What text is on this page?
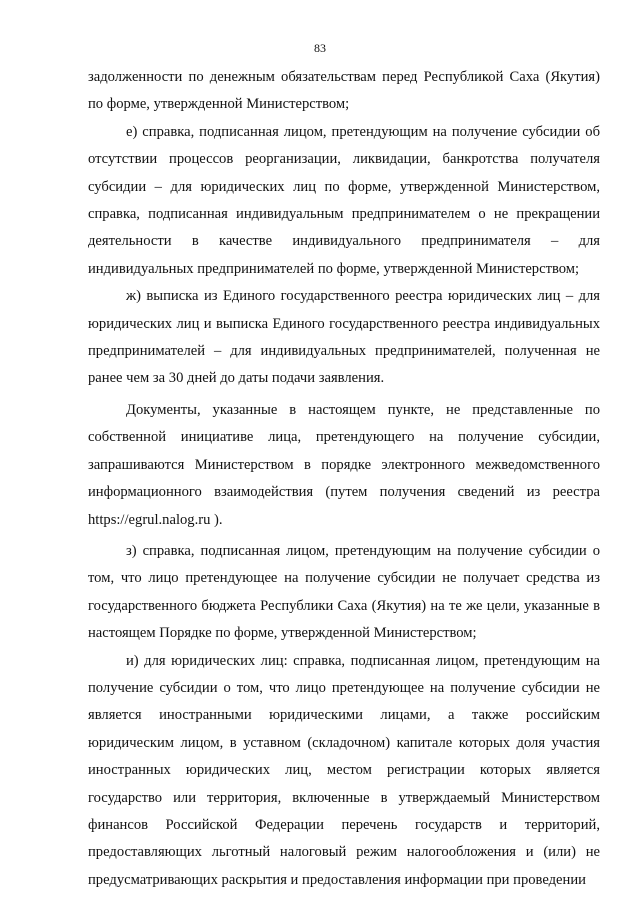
83

задолженности по денежным обязательствам перед Республикой Саха (Якутия) по форме, утвержденной Министерством;

е) справка, подписанная лицом, претендующим на получение субсидии об отсутствии процессов реорганизации, ликвидации, банкротства получателя субсидии – для юридических лиц по форме, утвержденной Министерством, справка, подписанная индивидуальным предпринимателем о не прекращении деятельности в качестве индивидуального предпринимателя – для индивидуальных предпринимателей по форме, утвержденной Министерством;

ж) выписка из Единого государственного реестра юридических лиц – для юридических лиц и выписка Единого государственного реестра индивидуальных предпринимателей – для индивидуальных предпринимателей, полученная не ранее чем за 30 дней до даты подачи заявления.

Документы, указанные в настоящем пункте, не представленные по собственной инициативе лица, претендующего на получение субсидии, запрашиваются Министерством в порядке электронного межведомственного информационного взаимодействия (путем получения сведений из реестра https://egrul.nalog.ru ).

з) справка, подписанная лицом, претендующим на получение субсидии о том, что лицо претендующее на получение субсидии не получает средства из государственного бюджета Республики Саха (Якутия) на те же цели, указанные в настоящем Порядке по форме, утвержденной Министерством;

и) для юридических лиц: справка, подписанная лицом, претендующим на получение субсидии о том, что лицо претендующее на получение субсидии не является иностранными юридическими лицами, а также российским юридическим лицом, в уставном (складочном) капитале которых доля участия иностранных юридических лиц, местом регистрации которых является государство или территория, включенные в утверждаемый Министерством финансов Российской Федерации перечень государств и территорий, предоставляющих льготный налоговый режим налогообложения и (или) не предусматривающих раскрытия и предоставления информации при проведении
